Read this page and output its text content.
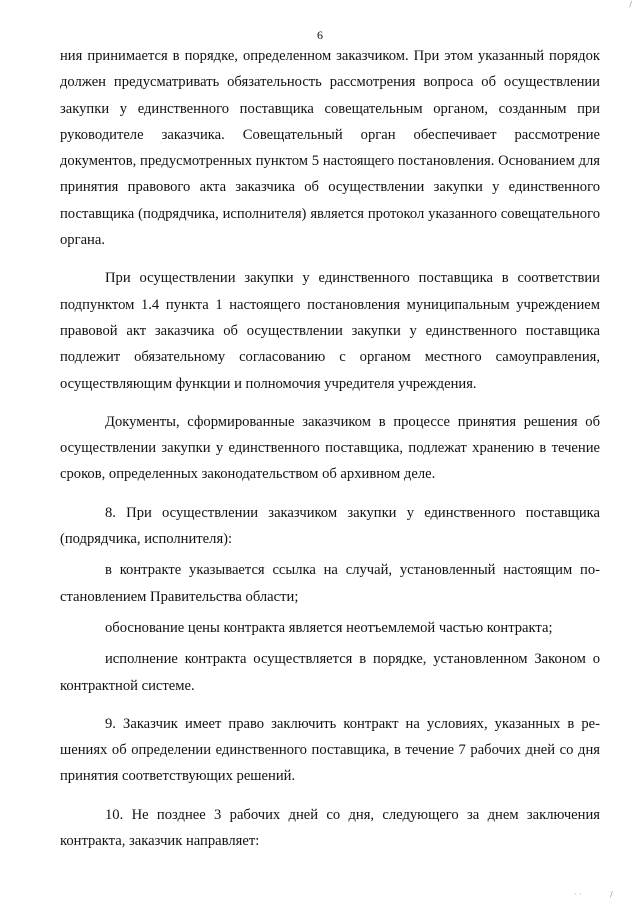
/
6

ния принимается в порядке, определенном заказчиком. При этом указанный порядок должен предусматривать обязательность рассмотрения вопроса об осуществлении закупки у единственного поставщика совещательным органом, созданным при руководителе заказчика. Совещательный орган обеспечивает рассмотрение документов, предусмотренных пунктом 5 настоящего постановления. Основанием для принятия правового акта заказчика об осуществлении закупки у единственного поставщика (подрядчика, исполнителя) является протокол указанного совещательного органа.

При осуществлении закупки у единственного поставщика в соответствии подпунктом 1.4 пункта 1 настоящего постановления муниципальным учреждением правовой акт заказчика об осуществлении закупки у единственного поставщика подлежит обязательному согласованию с органом местного самоуправления, осуществляющим функции и полномочия учредителя учреждения.

Документы, сформированные заказчиком в процессе принятия решения об осуществлении закупки у единственного поставщика, подлежат хранению в течение сроков, определенных законодательством об архивном деле.

8. При осуществлении заказчиком закупки у единственного поставщика (подрядчика, исполнителя):

в контракте указывается ссылка на случай, установленный настоящим постановлением Правительства области;

обоснование цены контракта является неотъемлемой частью контракта;

исполнение контракта осуществляется в порядке, установленном Законом о контрактной системе.

9. Заказчик имеет право заключить контракт на условиях, указанных в решениях об определении единственного поставщика, в течение 7 рабочих дней со дня принятия соответствующих решений.

10. Не позднее 3 рабочих дней со дня, следующего за днем заключения контракта, заказчик направляет:

· ·	/
